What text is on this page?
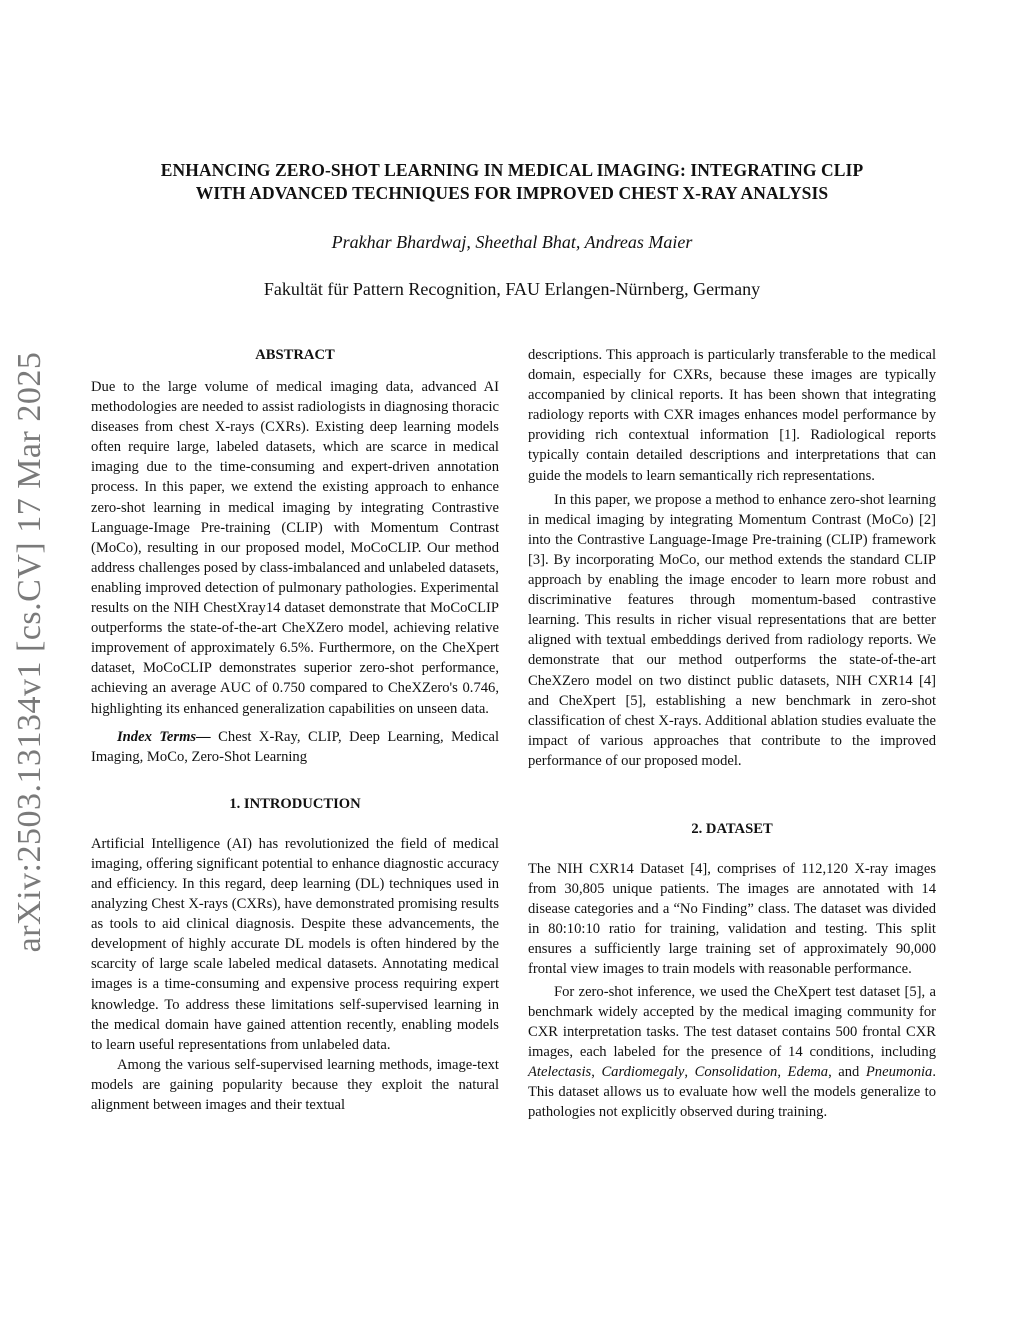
arXiv:2503.13134v1 [cs.CV] 17 Mar 2025
ENHANCING ZERO-SHOT LEARNING IN MEDICAL IMAGING: INTEGRATING CLIP
WITH ADVANCED TECHNIQUES FOR IMPROVED CHEST X-RAY ANALYSIS
Prakhar Bhardwaj, Sheethal Bhat, Andreas Maier
Fakultät für Pattern Recognition, FAU Erlangen-Nürnberg, Germany

ABSTRACT

Due to the large volume of medical imaging data, advanced AI methodologies are needed to assist radiologists in diagnosing thoracic diseases from chest X-rays (CXRs). Existing deep learning models often require large, labeled datasets, which are scarce in medical imaging due to the time-consuming and expert-driven annotation process. In this paper, we extend the existing approach to enhance zero-shot learning in medical imaging by integrating Contrastive Language-Image Pre-training (CLIP) with Momentum Contrast (MoCo), resulting in our proposed model, MoCoCLIP. Our method address challenges posed by class-imbalanced and unlabeled datasets, enabling improved detection of pulmonary pathologies. Experimental results on the NIH ChestXray14 dataset demonstrate that MoCoCLIP outperforms the state-of-the-art CheXZero model, achieving relative improvement of approximately 6.5%. Furthermore, on the CheXpert dataset, MoCoCLIP demonstrates superior zero-shot performance, achieving an average AUC of 0.750 compared to CheXZero's 0.746, highlighting its enhanced generalization capabilities on unseen data.

Index Terms— Chest X-Ray, CLIP, Deep Learning, Medical Imaging, MoCo, Zero-Shot Learning

1. INTRODUCTION

Artificial Intelligence (AI) has revolutionized the field of medical imaging, offering significant potential to enhance diagnostic accuracy and efficiency. In this regard, deep learning (DL) techniques used in analyzing Chest X-rays (CXRs), have demonstrated promising results as tools to aid clinical diagnosis. Despite these advancements, the development of highly accurate DL models is often hindered by the scarcity of large scale labeled medical datasets. Annotating medical images is a time-consuming and expensive process requiring expert knowledge. To address these limitations self-supervised learning in the medical domain have gained attention recently, enabling models to learn useful representations from unlabeled data.

Among the various self-supervised learning methods, image-text models are gaining popularity because they exploit the natural alignment between images and their textual

descriptions. This approach is particularly transferable to the medical domain, especially for CXRs, because these images are typically accompanied by clinical reports. It has been shown that integrating radiology reports with CXR images enhances model performance by providing rich contextual information [1]. Radiological reports typically contain detailed descriptions and interpretations that can guide the models to learn semantically rich representations.

In this paper, we propose a method to enhance zero-shot learning in medical imaging by integrating Momentum Contrast (MoCo) [2] into the Contrastive Language-Image Pre-training (CLIP) framework [3]. By incorporating MoCo, our method extends the standard CLIP approach by enabling the image encoder to learn more robust and discriminative features through momentum-based contrastive learning. This results in richer visual representations that are better aligned with textual embeddings derived from radiology reports. We demonstrate that our method outperforms the state-of-the-art CheXZero model on two distinct public datasets, NIH CXR14 [4] and CheXpert [5], establishing a new benchmark in zero-shot classification of chest X-rays. Additional ablation studies evaluate the impact of various approaches that contribute to the improved performance of our proposed model.

2. DATASET

The NIH CXR14 Dataset [4], comprises of 112,120 X-ray images from 30,805 unique patients. The images are annotated with 14 disease categories and a “No Finding” class. The dataset was divided in 80:10:10 ratio for training, validation and testing. This split ensures a sufficiently large training set of approximately 90,000 frontal view images to train models with reasonable performance.

For zero-shot inference, we used the CheXpert test dataset [5], a benchmark widely accepted by the medical imaging community for CXR interpretation tasks. The test dataset contains 500 frontal CXR images, each labeled for the presence of 14 conditions, including Atelectasis, Cardiomegaly, Consolidation, Edema, and Pneumonia. This dataset allows us to evaluate how well the models generalize to pathologies not explicitly observed during training.
